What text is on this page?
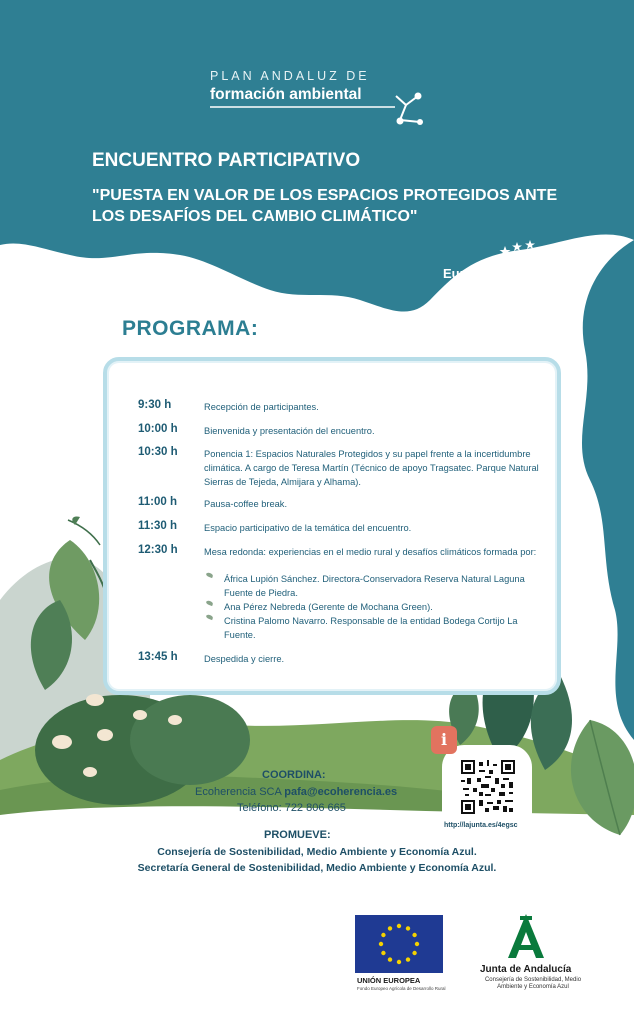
PLAN ANDALUZ DE
formación ambiental
ENCUENTRO PARTICIPATIVO
"PUESTA EN VALOR DE LOS ESPACIOS PROTEGIDOS ANTE LOS DESAFÍOS DEL CAMBIO CLIMÁTICO"
Europa
invierte en las zonas rurales
PROGRAMA:
9:30 h	Recepción de participantes.
10:00 h	Bienvenida y presentación del encuentro.
10:30 h	Ponencia 1: Espacios Naturales Protegidos y su papel frente a la incertidumbre climática. A cargo de Teresa Martín (Técnico de apoyo Tragsatec. Parque Natural Sierras de Tejeda, Almijara y Alhama).
11:00 h	Pausa-coffee break.
11:30 h	Espacio participativo de la temática del encuentro.
12:30 h	Mesa redonda: experiencias en el medio rural y desafíos climáticos formada por:
África Lupión Sánchez. Directora-Conservadora Reserva Natural Laguna Fuente de Piedra.
Ana Pérez Nebreda (Gerente de Mochana Green).
Cristina Palomo Navarro. Responsable de la entidad Bodega Cortijo La Fuente.
13:45 h	Despedida y cierre.
COORDINA:
Ecoherencia SCA pafa@ecoherencia.es
Teléfono: 722 806 665
PROMUEVE:
Consejería de Sostenibilidad, Medio Ambiente y Economía Azul.
Secretaría General de Sostenibilidad, Medio Ambiente y Economía Azul.
i
http://lajunta.es/4egsc
UNIÓN EUROPEA
Fondo Europeo Agrícola de Desarrollo Rural
Junta de Andalucía
Consejería de Sostenibilidad, Medio Ambiente y Economía Azul
